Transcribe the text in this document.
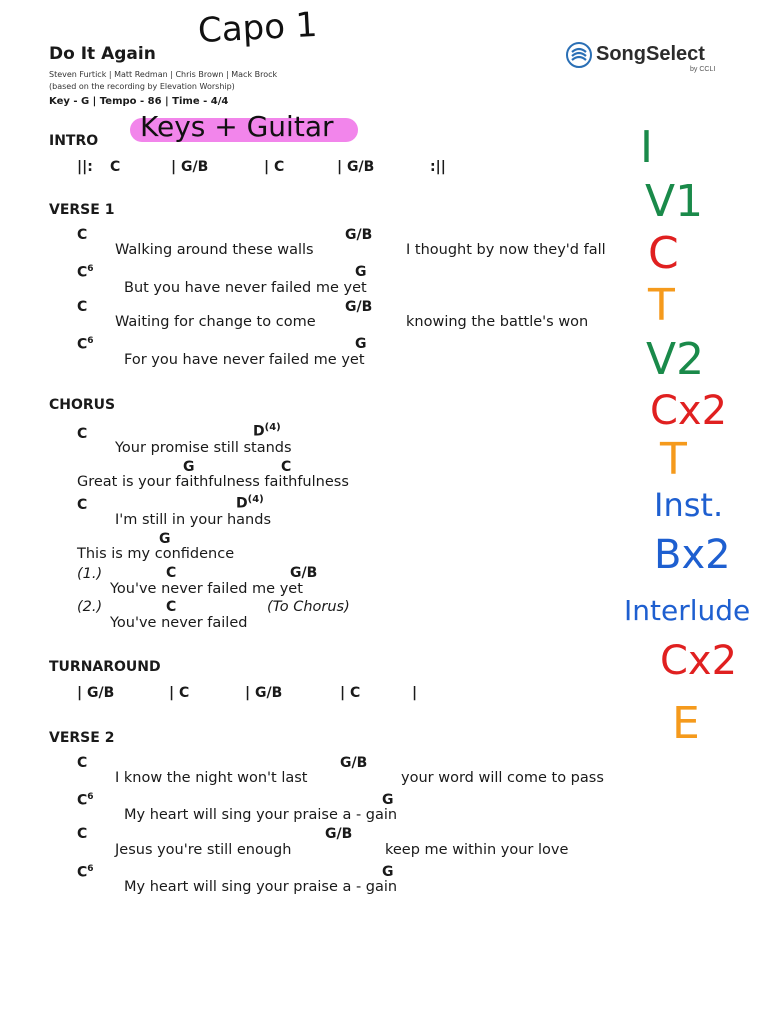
Do It Again
Steven Furtick | Matt Redman | Chris Brown | Mack Brock
(based on the recording by Elevation Worship)
Key - G | Tempo - 86 | Time - 4/4
Capo 1
SongSelect
by CCLI
Keys + Guitar
INTRO
||: C	| G/B	| C	| G/B	:||
VERSE 1
C	G/B
Walking around these walls	I thought by now they'd fall
$C^6$	G
But you have never failed me yet
C	G/B
Waiting for change to come	knowing the battle's won
$C^6$	G
For you have never failed me yet
CHORUS
C	$D^{(4)}$
Your promise still stands
G	C
Great is your faithfulness faithfulness
C	$D^{(4)}$
I'm still in your hands
G
This is my confidence
(1.)	C	G/B
You've never failed me yet
(2.)	C	(To Chorus)
You've never failed
TURNAROUND
| G/B	| C	| G/B	| C	|
VERSE 2
C	G/B
I know the night won't last	your word will come to pass
$C^6$	G
My heart will sing your praise a - gain
C	G/B
Jesus you're still enough	keep me within your love
$C^6$	G
My heart will sing your praise a - gain
I
V1
C
T
V2
Cx2
T
Inst.
Bx2
Interlude
Cx2
E
